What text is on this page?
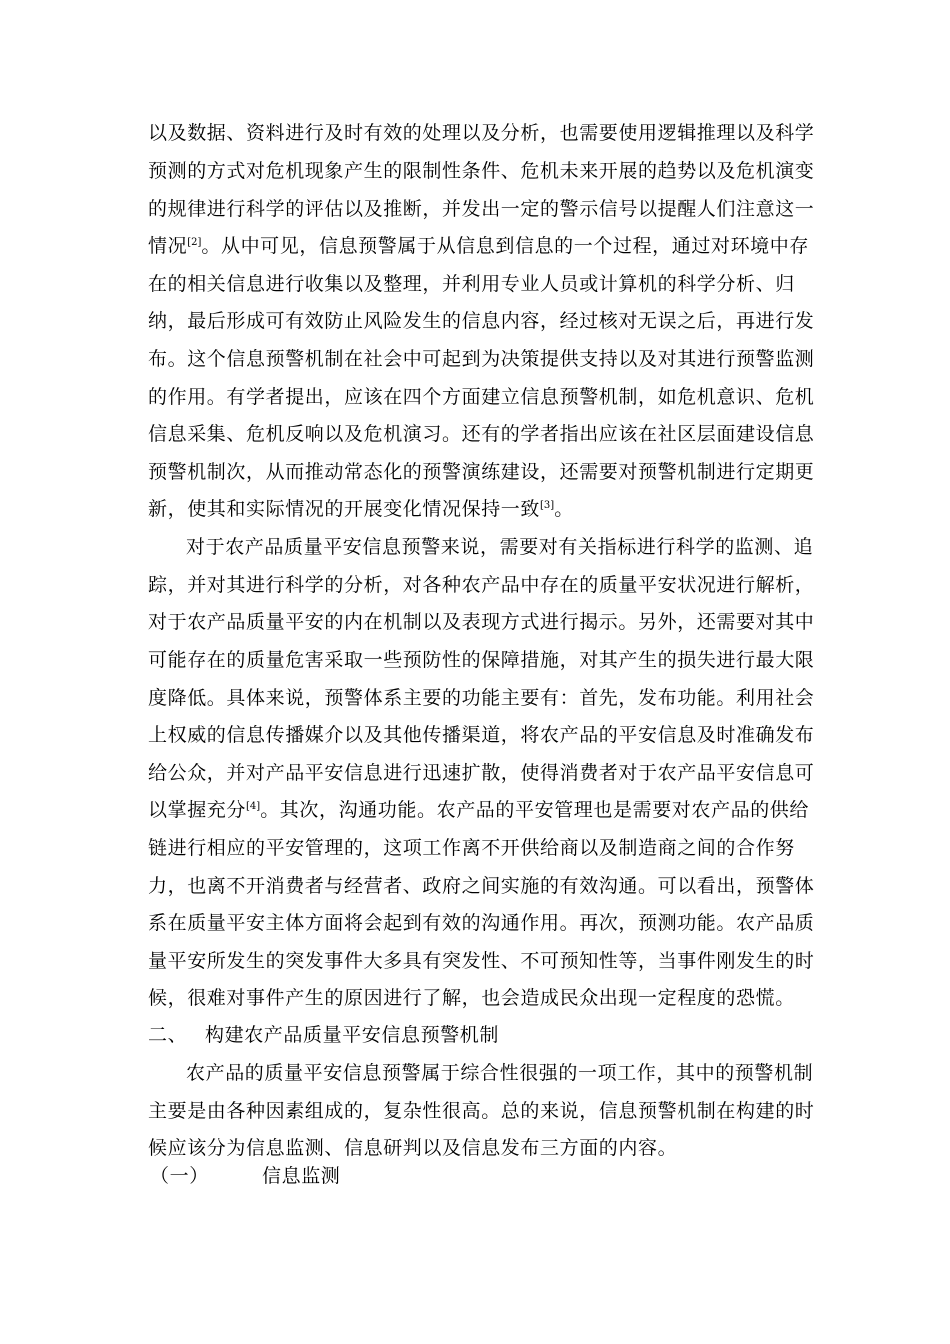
以及数据、资料进行及时有效的处理以及分析，也需要使用逻辑推理以及科学
预测的方式对危机现象产生的限制性条件、危机未来开展的趋势以及危机演变
的规律进行科学的评估以及推断，并发出一定的警示信号以提醒人们注意这一
情况[2]。从中可见，信息预警属于从信息到信息的一个过程，通过对环境中存
在的相关信息进行收集以及整理，并利用专业人员或计算机的科学分析、归
纳，最后形成可有效防止风险发生的信息内容，经过核对无误之后，再进行发
布。这个信息预警机制在社会中可起到为决策提供支持以及对其进行预警监测
的作用。有学者提出，应该在四个方面建立信息预警机制，如危机意识、危机
信息采集、危机反响以及危机演习。还有的学者指出应该在社区层面建设信息
预警机制次，从而推动常态化的预警演练建设，还需要对预警机制进行定期更
新，使其和实际情况的开展变化情况保持一致[3]。
对于农产品质量平安信息预警来说，需要对有关指标进行科学的监测、追
踪，并对其进行科学的分析，对各种农产品中存在的质量平安状况进行解析，
对于农产品质量平安的内在机制以及表现方式进行揭示。另外，还需要对其中
可能存在的质量危害采取一些预防性的保障措施，对其产生的损失进行最大限
度降低。具体来说，预警体系主要的功能主要有：首先，发布功能。利用社会
上权威的信息传播媒介以及其他传播渠道，将农产品的平安信息及时准确发布
给公众，并对产品平安信息进行迅速扩散，使得消费者对于农产品平安信息可
以掌握充分[4]。其次，沟通功能。农产品的平安管理也是需要对农产品的供给
链进行相应的平安管理的，这项工作离不开供给商以及制造商之间的合作努
力，也离不开消费者与经营者、政府之间实施的有效沟通。可以看出，预警体
系在质量平安主体方面将会起到有效的沟通作用。再次，预测功能。农产品质
量平安所发生的突发事件大多具有突发性、不可预知性等，当事件刚发生的时
候，很难对事件产生的原因进行了解，也会造成民众出现一定程度的恐慌。
二、 构建农产品质量平安信息预警机制
农产品的质量平安信息预警属于综合性很强的一项工作，其中的预警机制
主要是由各种因素组成的，复杂性很高。总的来说，信息预警机制在构建的时
候应该分为信息监测、信息研判以及信息发布三方面的内容。
（一）	信息监测
